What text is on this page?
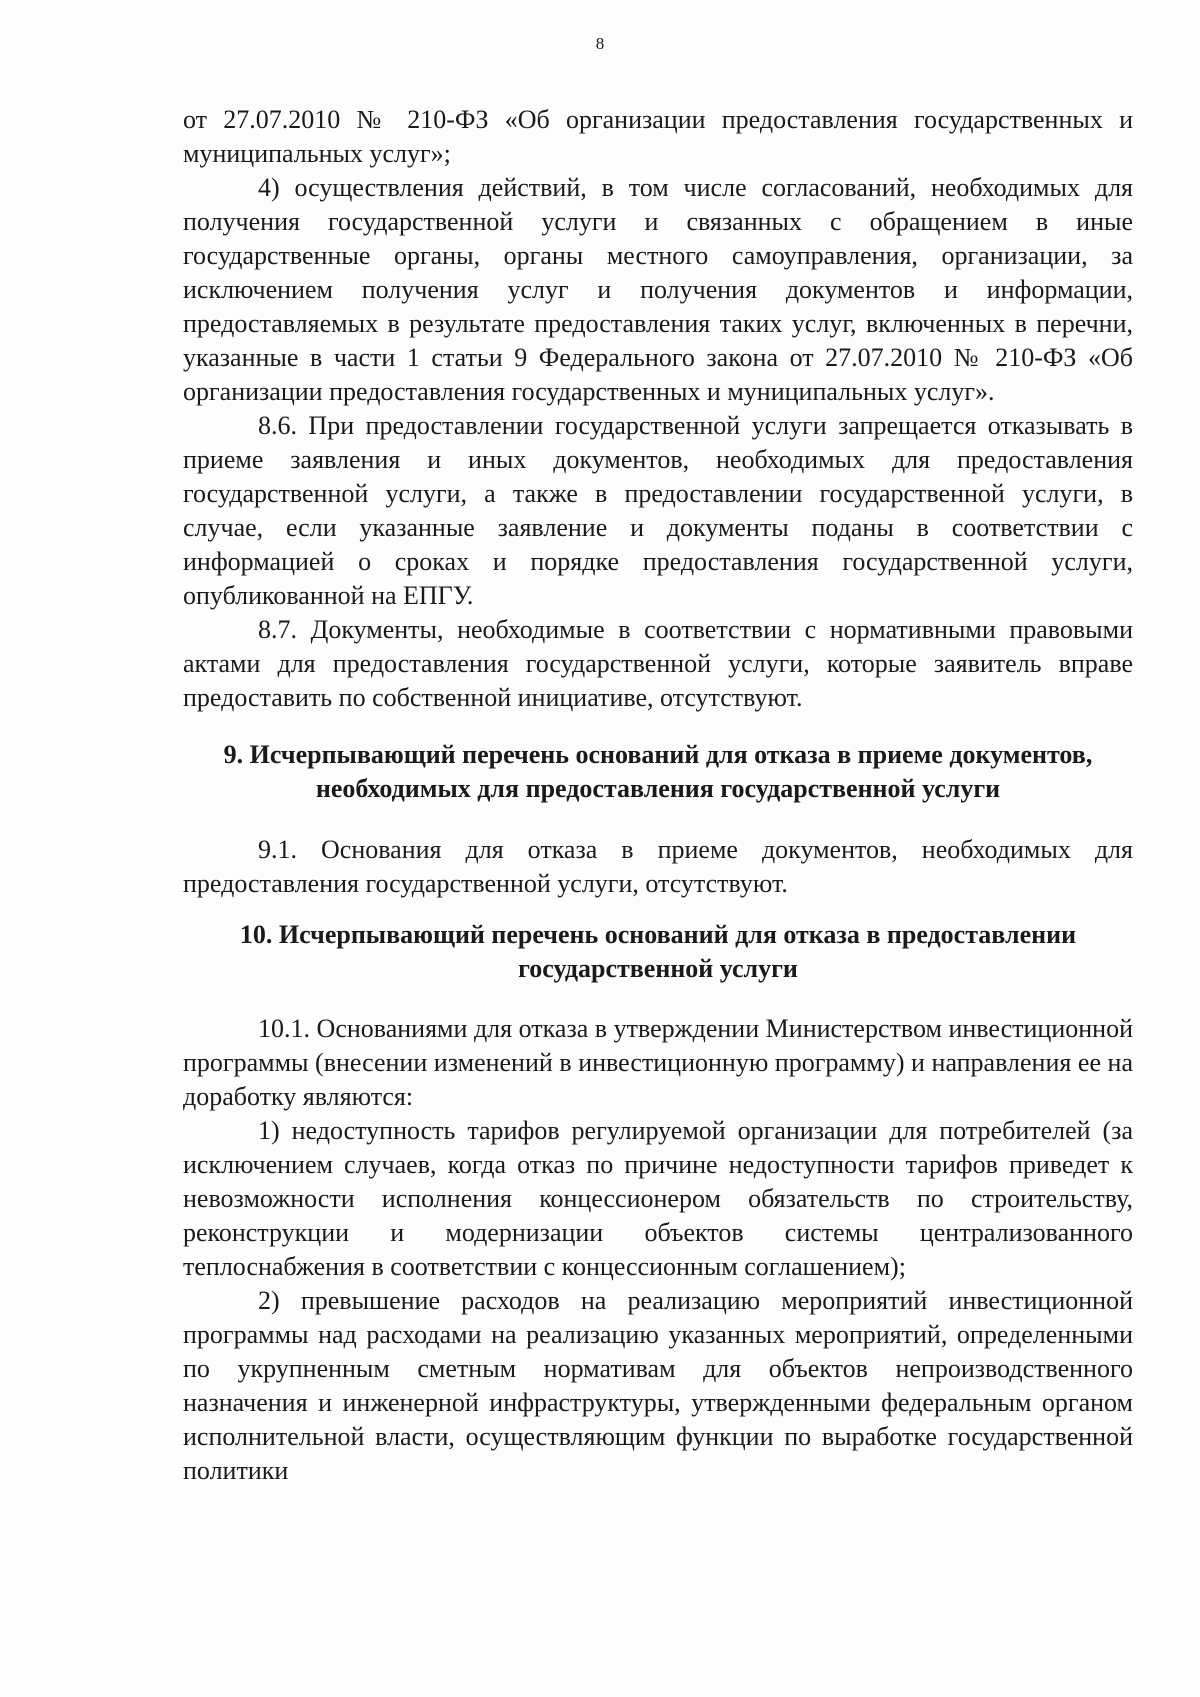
8

от 27.07.2010 № 210-ФЗ «Об организации предоставления государственных и муниципальных услуг»;

4) осуществления действий, в том числе согласований, необходимых для получения государственной услуги и связанных с обращением в иные государственные органы, органы местного самоуправления, организации, за исключением получения услуг и получения документов и информации, предоставляемых в результате предоставления таких услуг, включенных в перечни, указанные в части 1 статьи 9 Федерального закона от 27.07.2010 № 210-ФЗ «Об организации предоставления государственных и муниципальных услуг».

8.6. При предоставлении государственной услуги запрещается отказывать в приеме заявления и иных документов, необходимых для предоставления государственной услуги, а также в предоставлении государственной услуги, в случае, если указанные заявление и документы поданы в соответствии с информацией о сроках и порядке предоставления государственной услуги, опубликованной на ЕПГУ.

8.7. Документы, необходимые в соответствии с нормативными правовыми актами для предоставления государственной услуги, которые заявитель вправе предоставить по собственной инициативе, отсутствуют.

9. Исчерпывающий перечень оснований для отказа в приеме документов, необходимых для предоставления государственной услуги

9.1. Основания для отказа в приеме документов, необходимых для предоставления государственной услуги, отсутствуют.

10. Исчерпывающий перечень оснований для отказа в предоставлении государственной услуги

10.1. Основаниями для отказа в утверждении Министерством инвестиционной программы (внесении изменений в инвестиционную программу) и направления ее на доработку являются:

1) недоступность тарифов регулируемой организации для потребителей (за исключением случаев, когда отказ по причине недоступности тарифов приведет к невозможности исполнения концессионером обязательств по строительству, реконструкции и модернизации объектов системы централизованного теплоснабжения в соответствии с концессионным соглашением);

2) превышение расходов на реализацию мероприятий инвестиционной программы над расходами на реализацию указанных мероприятий, определенными по укрупненным сметным нормативам для объектов непроизводственного назначения и инженерной инфраструктуры, утвержденными федеральным органом исполнительной власти, осуществляющим функции по выработке государственной политики
